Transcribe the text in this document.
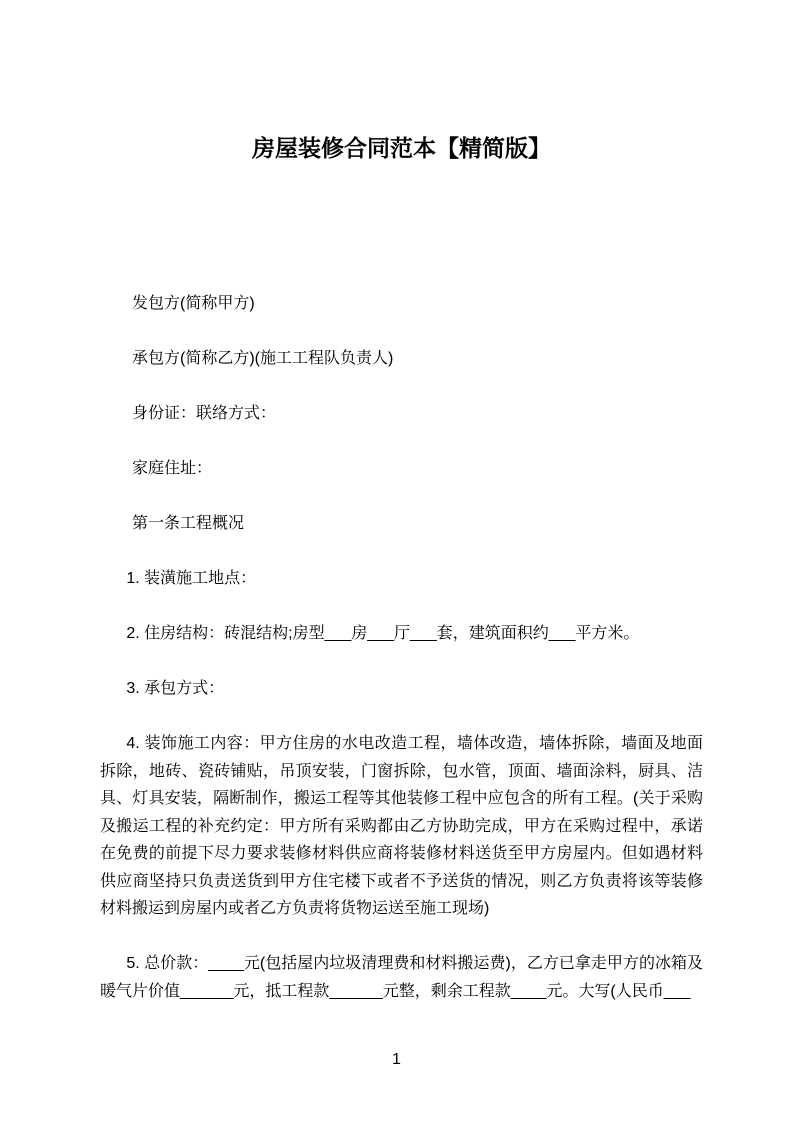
房屋装修合同范本【精简版】

发包方(简称甲方)

承包方(简称乙方)(施工工程队负责人)

身份证：联络方式：

家庭住址：

第一条工程概况

1. 装潢施工地点：

2. 住房结构：砖混结构;房型___房___厅___套，建筑面积约___平方米。

3. 承包方式：

4. 装饰施工内容：甲方住房的水电改造工程，墙体改造，墙体拆除，墙面及地面拆除，地砖、瓷砖铺贴，吊顶安装，门窗拆除，包水管，顶面、墙面涂料，厨具、洁具、灯具安装，隔断制作，搬运工程等其他装修工程中应包含的所有工程。(关于采购及搬运工程的补充约定：甲方所有采购都由乙方协助完成，甲方在采购过程中，承诺在免费的前提下尽力要求装修材料供应商将装修材料送货至甲方房屋内。但如遇材料供应商坚持只负责送货到甲方住宅楼下或者不予送货的情况，则乙方负责将该等装修材料搬运到房屋内或者乙方负责将货物运送至施工现场)

5. 总价款：____元(包括屋内垃圾清理费和材料搬运费)，乙方已拿走甲方的冰箱及暖气片价值______元，抵工程款______元整，剩余工程款____元。大写(人民币___

1
